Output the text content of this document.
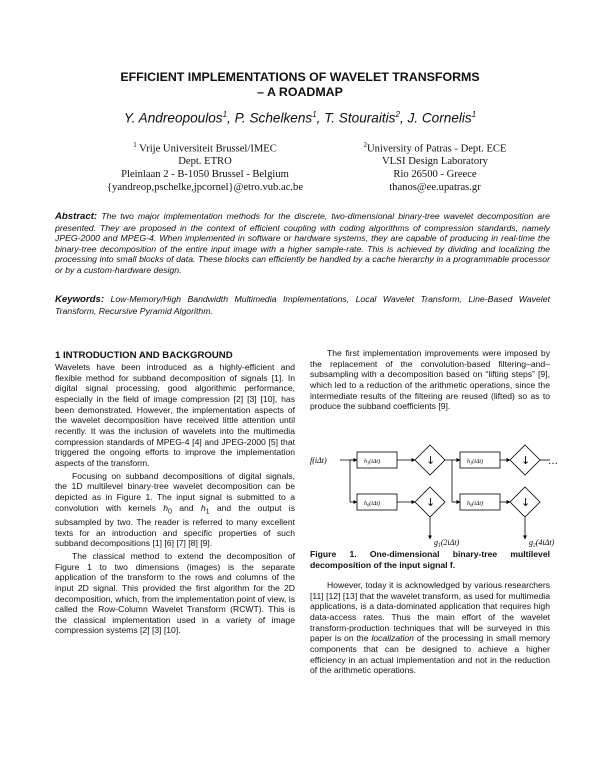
EFFICIENT IMPLEMENTATIONS OF WAVELET TRANSFORMS
– A ROADMAP
Y. Andreopoulos$^1$, P. Schelkens$^1$, T. Stouraitis$^2$, J. Cornelis$^1$
$^1$ Vrije Universiteit Brussel/IMEC
Dept. ETRO
Pleinlaan 2 - B-1050 Brussel - Belgium
{yandreop,pschelke,jpcornel}@etro.vub.ac.be
$^2$University of Patras - Dept. ECE
VLSI Design Laboratory
Rio 26500 - Greece
thanos@ee.upatras.gr
Abstract: The two major implementation methods for the discrete, two-dimensional binary-tree wavelet decomposition are presented. They are proposed in the context of efficient coupling with coding algorithms of compression standards, namely JPEG-2000 and MPEG-4. When implemented in software or hardware systems, they are capable of producing in real-time the binary-tree decomposition of the entire input image with a higher sample-rate. This is achieved by dividing and localizing the processing into small blocks of data. These blocks can efficiently be handled by a cache hierarchy in a programmable processor or by a custom-hardware design.
Keywords: Low-Memory/High Bandwidth Multimedia Implementations, Local Wavelet Transform, Line-Based Wavelet Transform, Recursive Pyramid Algorithm.

1 INTRODUCTION AND BACKGROUND

Wavelets have been introduced as a highly-efficient and flexible method for subband decomposition of signals [1]. In digital signal processing, good algorithmic performance, especially in the field of image compression [2] [3] [10], has been demonstrated. However, the implementation aspects of the wavelet decomposition have received little attention until recently. It was the inclusion of wavelets into the multimedia compression standards of MPEG-4 [4] and JPEG-2000 [5] that triggered the ongoing efforts to improve the implementation aspects of the transform.

Focusing on subband decompositions of digital signals, the 1D multilevel binary-tree wavelet decomposition can be depicted as in Figure 1. The input signal is submitted to a convolution with kernels $h_0$ and $h_1$ and the output is subsampled by two. The reader is referred to many excellent texts for an introduction and specific properties of such subband decompositions [1] [6] [7] [8] [9].

The classical method to extend the decomposition of Figure 1 to two dimensions (images) is the separate application of the transform to the rows and columns of the input 2D signal. This provided the first algorithm for the 2D decomposition, which, from the implementation point of view, is called the Row-Column Wavelet Transform (RCWT). This is the classical implementation used in a variety of image compression systems [2] [3] [10].

The first implementation improvements were imposed by the replacement of the convolution-based filtering–and–subsampling with a decomposition based on “lifting steps” [9], which led to a reduction of the arithmetic operations, since the intermediate results of the filtering are reused (lifted) so as to produce the subband coefficients [9].

f(iΔt)	$h_1(i\Delta t)$
$h_0(i\Delta t)$
$h_1(i\Delta t)$
$h_0(i\Delta t)$
↓
↓
↓
↓
…
g1(2iΔt)	g2(4iΔt)
Figure 1. One-dimensional binary-tree multilevel decomposition of the input signal f.

However, today it is acknowledged by various researchers [11] [12] [13] that the wavelet transform, as used for multimedia applications, is a data-dominated application that requires high data-access rates. Thus the main effort of the wavelet transform-production techniques that will be surveyed in this paper is on the localization of the processing in small memory components that can be designed to achieve a higher efficiency in an actual implementation and not in the reduction of the arithmetic operations.
